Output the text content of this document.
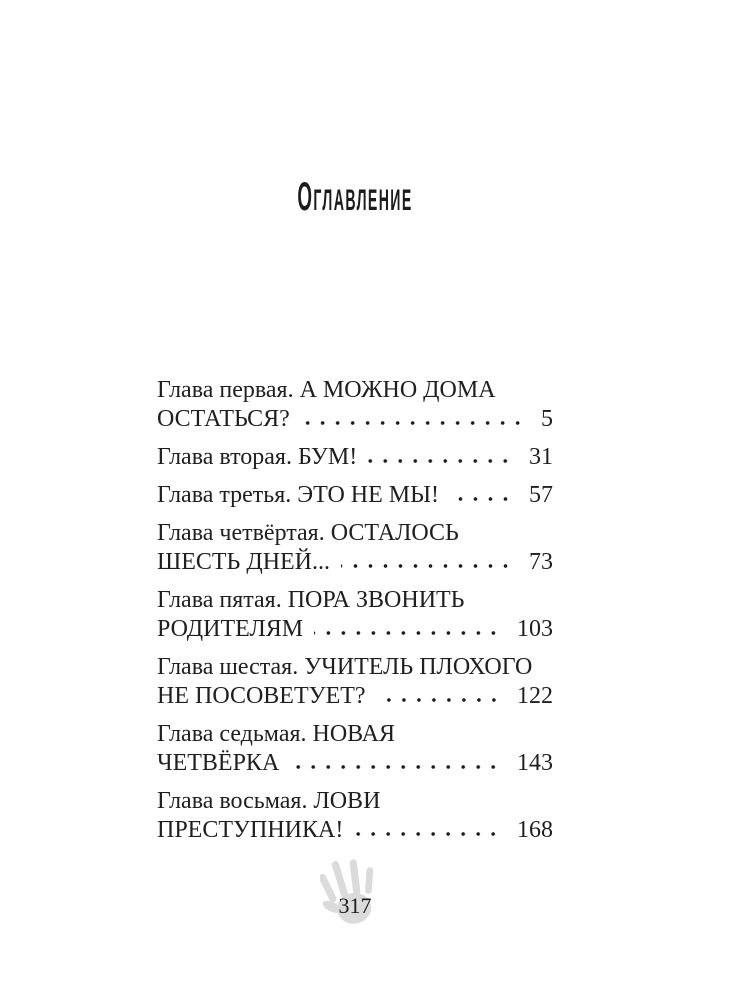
ОГЛАВЛЕНИЕ
Глава первая. А МОЖНО ДОМА
ОСТАТЬСЯ?	5
Глава вторая. БУМ!	31
Глава третья. ЭТО НЕ МЫ!	57
Глава четвёртая. ОСТАЛОСЬ
ШЕСТЬ ДНЕЙ...	73
Глава пятая. ПОРА ЗВОНИТЬ
РОДИТЕЛЯМ	103
Глава шестая. УЧИТЕЛЬ ПЛОХОГО
НЕ ПОСОВЕТУЕТ?	122
Глава седьмая. НОВАЯ
ЧЕТВЁРКА	143
Глава восьмая. ЛОВИ
ПРЕСТУПНИКА!	168
317
